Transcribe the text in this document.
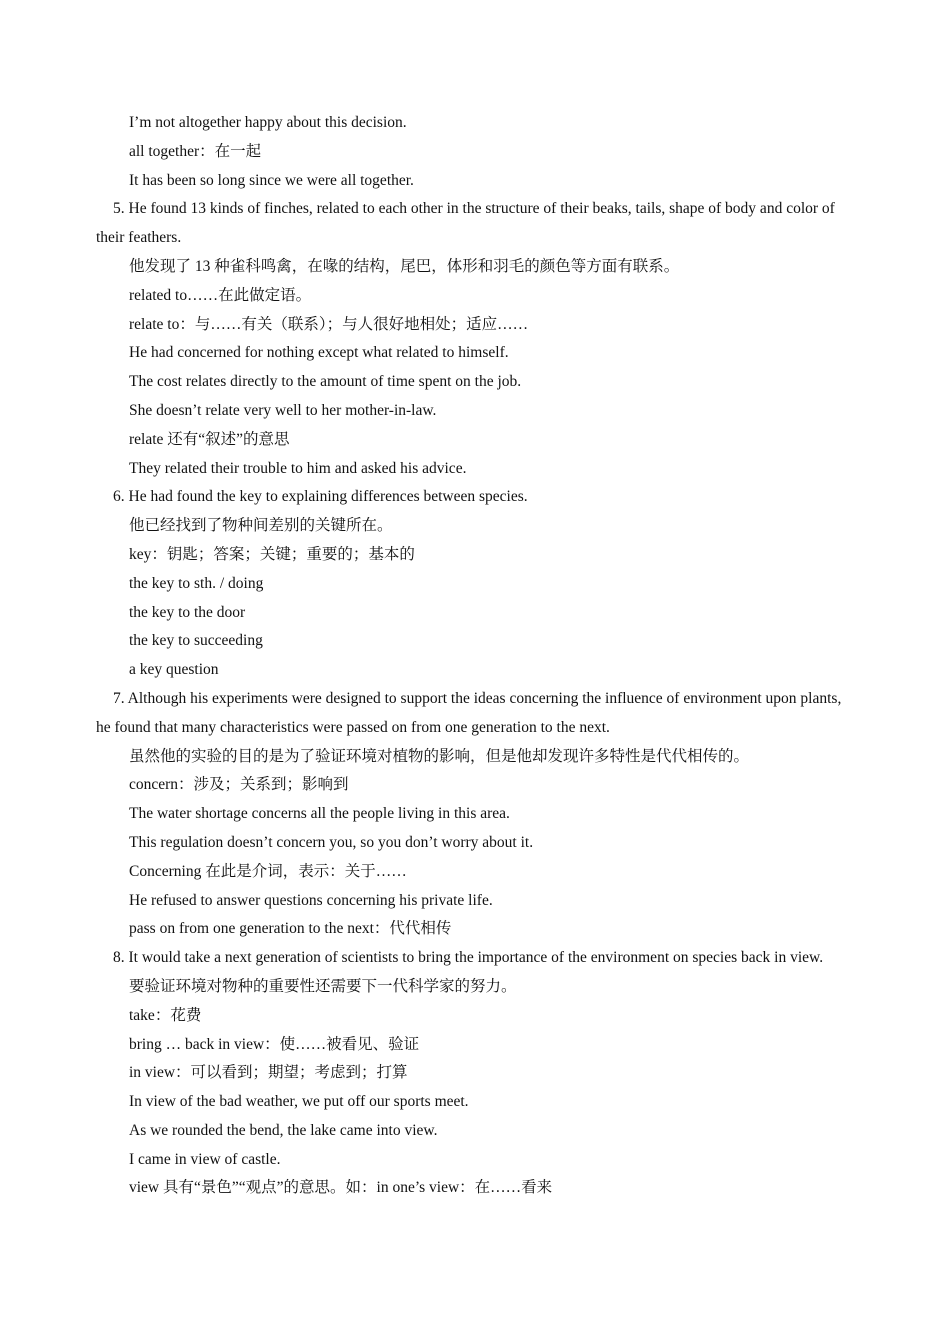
I’m not altogether happy about this decision.

all together：在一起

It has been so long since we were all together.

5. He found 13 kinds of finches, related to each other in the structure of their beaks, tails, shape of body and color of their feathers.

他发现了 13 种雀科鸣禽，在喙的结构，尾巴，体形和羽毛的颜色等方面有联系。

related to……在此做定语。

relate to：与……有关（联系）；与人很好地相处；适应……

He had concerned for nothing except what related to himself.

The cost relates directly to the amount of time spent on the job.

She doesn’t relate very well to her mother-in-law.

relate 还有“叙述”的意思

They related their trouble to him and asked his advice.

6. He had found the key to explaining differences between species.

他已经找到了物种间差别的关键所在。

key：钥匙；答案；关键；重要的；基本的

the key to sth. / doing

the key to the door

the key to succeeding

a key question

7. Although his experiments were designed to support the ideas concerning the influence of environment upon plants, he found that many characteristics were passed on from one generation to the next.

虽然他的实验的目的是为了验证环境对植物的影响，但是他却发现许多特性是代代相传的。

concern：涉及；关系到；影响到

The water shortage concerns all the people living in this area.

This regulation doesn’t concern you, so you don’t worry about it.

Concerning 在此是介词，表示：关于……

He refused to answer questions concerning his private life.

pass on from one generation to the next：代代相传

8. It would take a next generation of scientists to bring the importance of the environment on species back in view.

要验证环境对物种的重要性还需要下一代科学家的努力。

take：花费

bring … back in view：使……被看见、验证

in view：可以看到；期望；考虑到；打算

In view of the bad weather, we put off our sports meet.

As we rounded the bend, the lake came into view.

I came in view of castle.

view 具有“景色”“观点”的意思。如：in one’s view：在……看来
